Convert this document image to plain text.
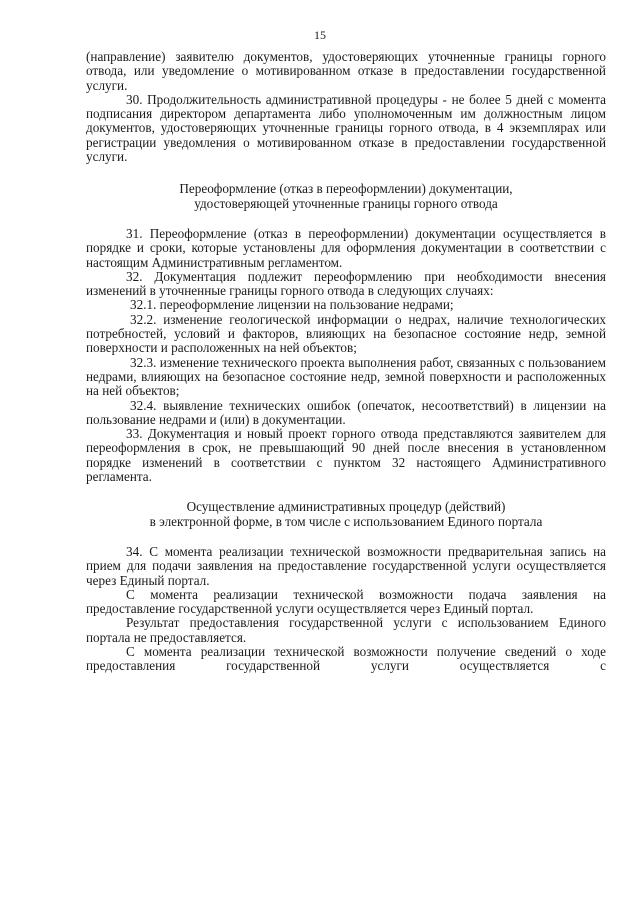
15

(направление) заявителю документов, удостоверяющих уточненные границы горного отвода, или уведомление о мотивированном отказе в предоставлении государственной услуги.

30. Продолжительность административной процедуры - не более 5 дней с момента подписания директором департамента либо уполномоченным им должностным лицом документов, удостоверяющих уточненные границы горного отвода, в 4 экземплярах или регистрации уведомления о мотивированном отказе в предоставлении государственной услуги.

Переоформление (отказ в переоформлении) документации,

удостоверяющей уточненные границы горного отвода

31. Переоформление (отказ в переоформлении) документации осуществляется в порядке и сроки, которые установлены для оформления документации в соответствии с настоящим Административным регламентом.

32. Документация подлежит переоформлению при необходимости внесения изменений в уточненные границы горного отвода в следующих случаях:

32.1. переоформление лицензии на пользование недрами;

32.2. изменение геологической информации о недрах, наличие технологических потребностей, условий и факторов, влияющих на безопасное состояние недр, земной поверхности и расположенных на ней объектов;

32.3. изменение технического проекта выполнения работ, связанных с пользованием недрами, влияющих на безопасное состояние недр, земной поверхности и расположенных на ней объектов;

32.4. выявление технических ошибок (опечаток, несоответствий) в лицензии на пользование недрами и (или) в документации.

33. Документация и новый проект горного отвода представляются заявителем для переоформления в срок, не превышающий 90 дней после внесения в установленном порядке изменений в соответствии с пунктом 32 настоящего Административного регламента.

Осуществление административных процедур (действий)

в электронной форме, в том числе с использованием Единого портала

34. С момента реализации технической возможности предварительная запись на прием для подачи заявления на предоставление государственной услуги осуществляется через Единый портал.

С момента реализации технической возможности подача заявления на предоставление государственной услуги осуществляется через Единый портал.

Результат предоставления государственной услуги с использованием Единого портала не предоставляется.

С момента реализации технической возможности получение сведений о ходе предоставления государственной услуги осуществляется с
